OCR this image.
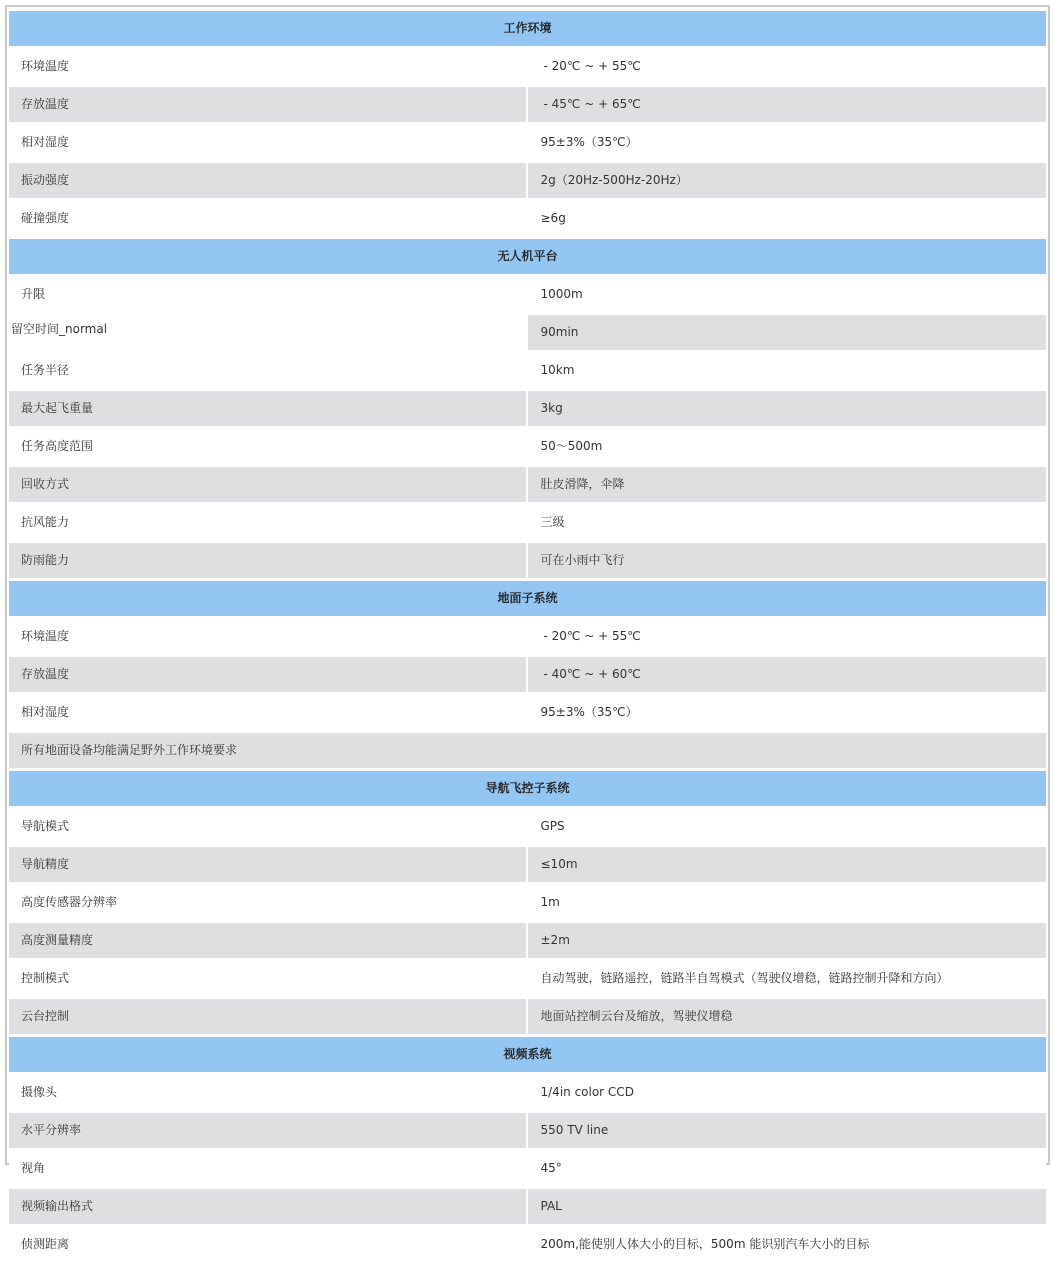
工作环境	
环境温度	- 20℃ ~ + 55℃
存放温度	- 45℃ ~ + 65℃
相对湿度	95±3%（35℃）
振动强度	2g（20Hz-500Hz-20Hz）
碰撞强度	≥6g
无人机平台	
升限	1000m
留空时间_normal	90min
任务半径	10km
最大起飞重量	3kg
任务高度范围	50～500m
回收方式	肚皮滑降，伞降
抗风能力	三级
防雨能力	可在小雨中飞行
地面子系统	
环境温度	- 20℃ ~ + 55℃
存放温度	- 40℃ ~ + 60℃
相对湿度	95±3%（35℃）
所有地面设备均能满足野外工作环境要求	
导航飞控子系统	
导航模式	GPS
导航精度	≤10m
高度传感器分辨率	1m
高度测量精度	±2m
控制模式	自动驾驶，链路遥控，链路半自驾模式（驾驶仪增稳，链路控制升降和方向）
云台控制	地面站控制云台及缩放，驾驶仪增稳
视频系统	
摄像头	1/4in color CCD
水平分辨率	550 TV line
视角	45°
视频输出格式	PAL
侦测距离	200m,能使别人体大小的目标，500m 能识别汽车大小的目标
